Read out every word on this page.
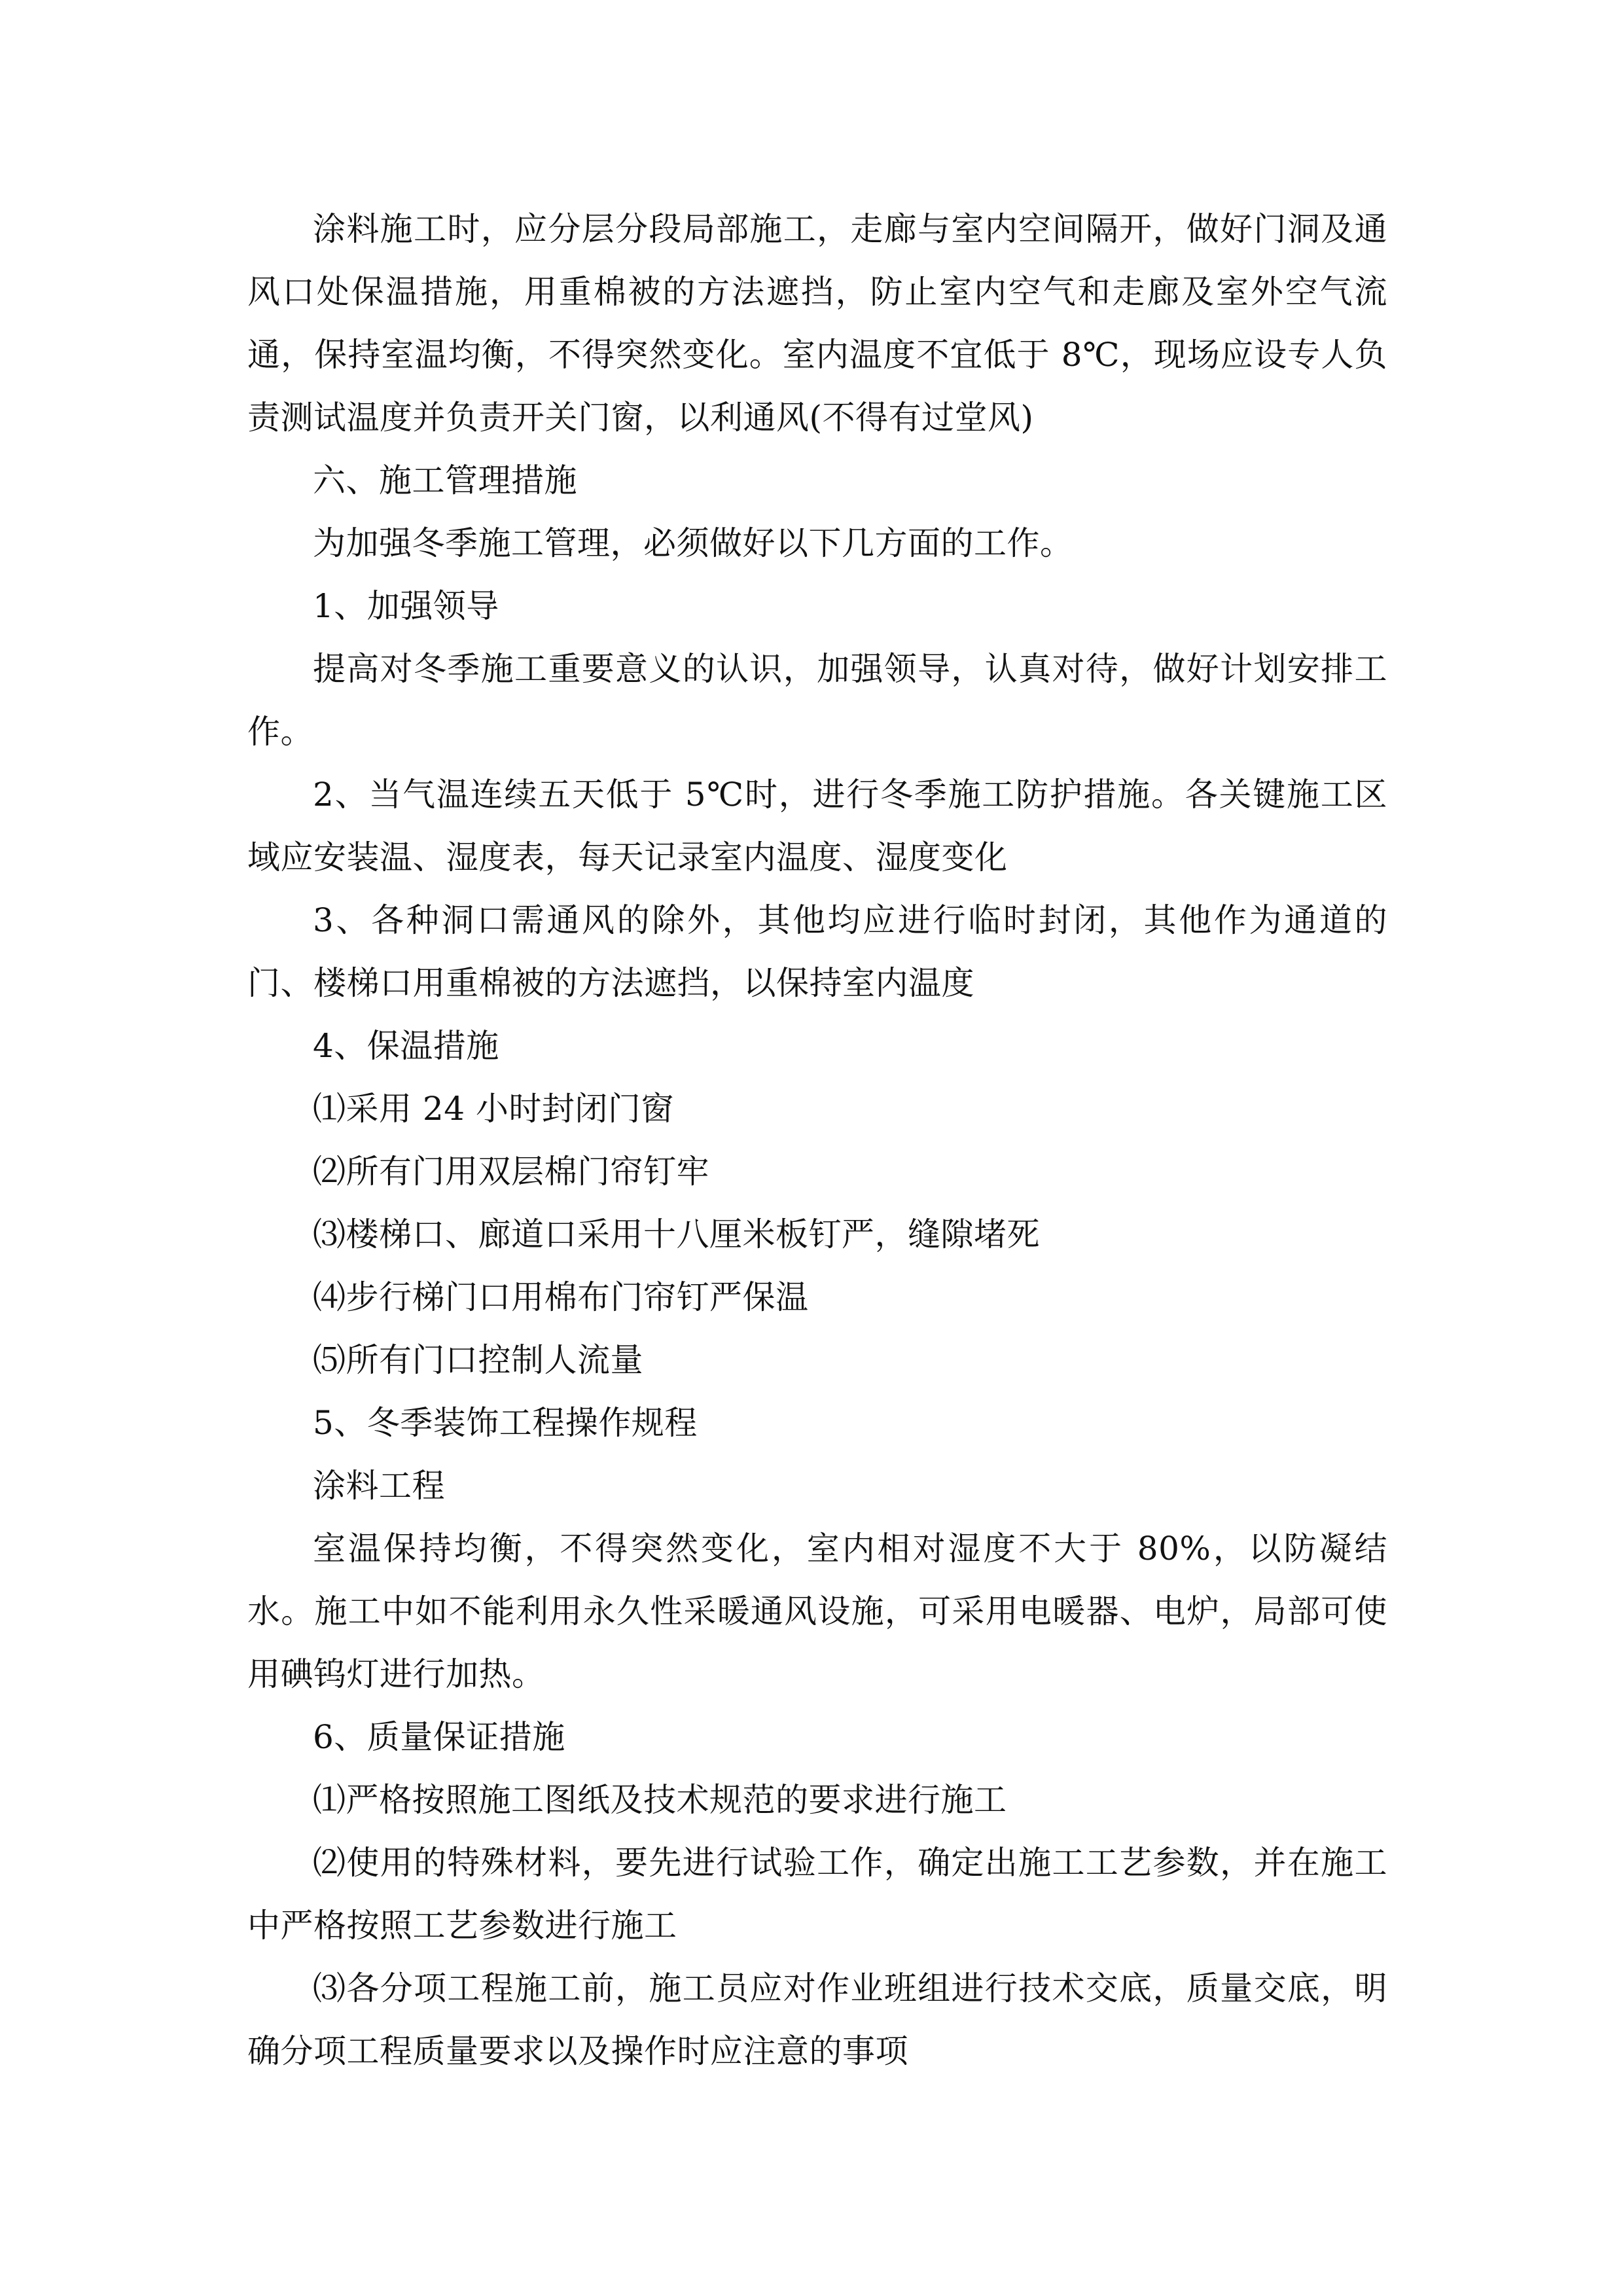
涂料施工时，应分层分段局部施工，走廊与室内空间隔开，做好门洞及通风口处保温措施，用重棉被的方法遮挡，防止室内空气和走廊及室外空气流通，保持室温均衡，不得突然变化。室内温度不宜低于 8℃，现场应设专人负责测试温度并负责开关门窗，以利通风(不得有过堂风)

六、施工管理措施

为加强冬季施工管理，必须做好以下几方面的工作。

1、加强领导

提高对冬季施工重要意义的认识，加强领导，认真对待，做好计划安排工作。

2、当气温连续五天低于 5℃时，进行冬季施工防护措施。各关键施工区域应安装温、湿度表，每天记录室内温度、湿度变化

3、各种洞口需通风的除外，其他均应进行临时封闭，其他作为通道的门、楼梯口用重棉被的方法遮挡，以保持室内温度

4、保温措施

⑴采用 24 小时封闭门窗

⑵所有门用双层棉门帘钉牢

⑶楼梯口、廊道口采用十八厘米板钉严，缝隙堵死

⑷步行梯门口用棉布门帘钉严保温

⑸所有门口控制人流量

5、冬季装饰工程操作规程

涂料工程

室温保持均衡，不得突然变化，室内相对湿度不大于 80%，以防凝结水。施工中如不能利用永久性采暖通风设施，可采用电暖器、电炉，局部可使用碘钨灯进行加热。

6、质量保证措施

⑴严格按照施工图纸及技术规范的要求进行施工

⑵使用的特殊材料，要先进行试验工作，确定出施工工艺参数，并在施工中严格按照工艺参数进行施工

⑶各分项工程施工前，施工员应对作业班组进行技术交底，质量交底，明确分项工程质量要求以及操作时应注意的事项
